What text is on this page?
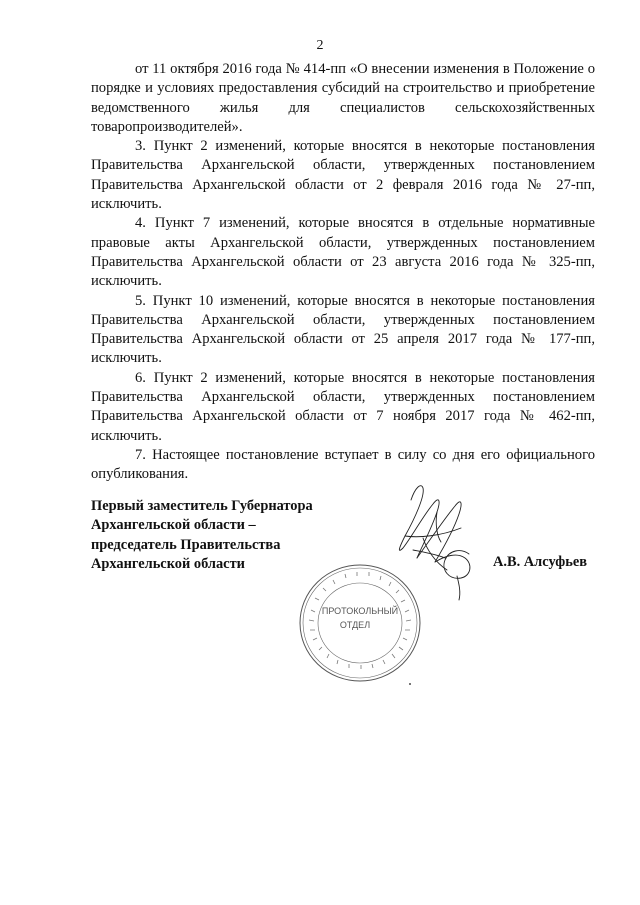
2

от 11 октября 2016 года № 414-пп «О внесении изменения в Положение о порядке и условиях предоставления субсидий на строительство и приобретение ведомственного жилья для специалистов сельскохозяйственных товаропроизводителей».

3. Пункт 2 изменений, которые вносятся в некоторые постановления Правительства Архангельской области, утвержденных постановлением Правительства Архангельской области от 2 февраля 2016 года № 27-пп, исключить.

4. Пункт 7 изменений, которые вносятся в отдельные нормативные правовые акты Архангельской области, утвержденных постановлением Правительства Архангельской области от 23 августа 2016 года № 325-пп, исключить.

5. Пункт 10 изменений, которые вносятся в некоторые постановления Правительства Архангельской области, утвержденных постановлением Правительства Архангельской области от 25 апреля 2017 года № 177-пп, исключить.

6. Пункт 2 изменений, которые вносятся в некоторые постановления Правительства Архангельской области, утвержденных постановлением Правительства Архангельской области от 7 ноября 2017 года № 462-пп, исключить.

7. Настоящее постановление вступает в силу со дня его официального опубликования.

Первый заместитель Губернатора
Архангельской области –
председатель Правительства
Архангельской области	А.В. Алсуфьев
ПРОТОКОЛЬНЫЙ
ОТДЕЛ
